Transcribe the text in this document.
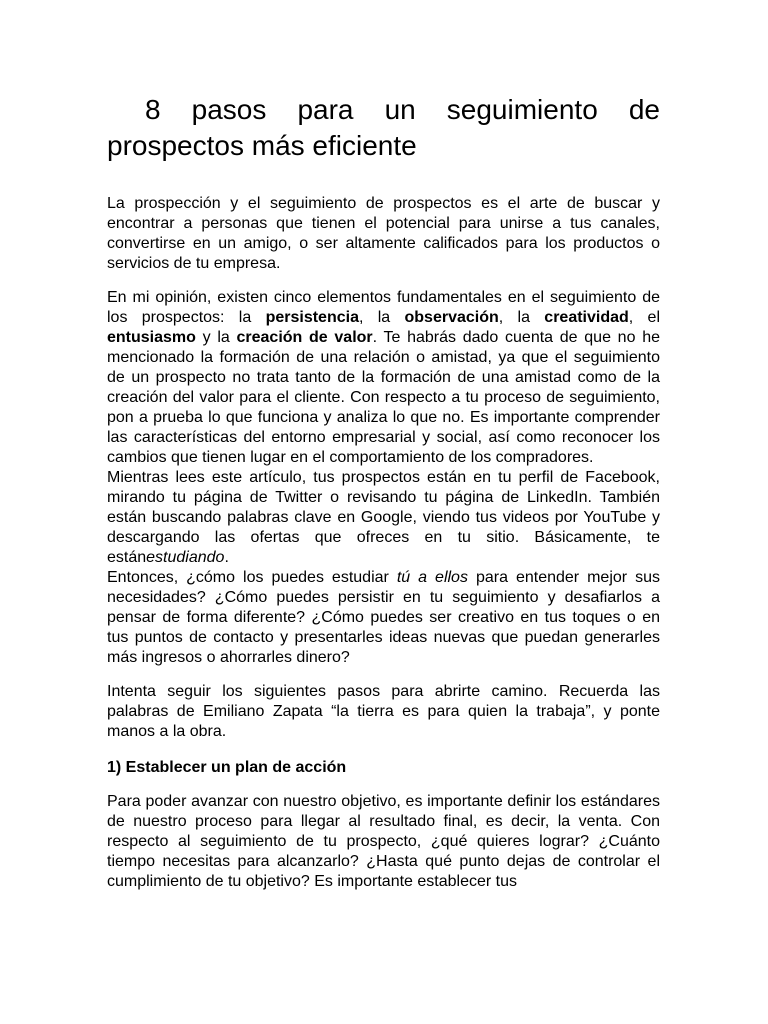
8 pasos para un seguimiento de
prospectos más eficiente

La prospección y el seguimiento de prospectos es el arte de buscar y encontrar a personas que tienen el potencial para unirse a tus canales, convertirse en un amigo, o ser altamente calificados para los productos o servicios de tu empresa.

En mi opinión, existen cinco elementos fundamentales en el seguimiento de los prospectos: la persistencia, la observación, la creatividad, el entusiasmo y la creación de valor. Te habrás dado cuenta de que no he mencionado la formación de una relación o amistad, ya que el seguimiento de un prospecto no trata tanto de la formación de una amistad como de la creación del valor para el cliente. Con respecto a tu proceso de seguimiento, pon a prueba lo que funciona y analiza lo que no. Es importante comprender las características del entorno empresarial y social, así como reconocer los cambios que tienen lugar en el comportamiento de los compradores.

Mientras lees este artículo, tus prospectos están en tu perfil de Facebook, mirando tu página de Twitter o revisando tu página de LinkedIn. También están buscando palabras clave en Google, viendo tus videos por YouTube y descargando las ofertas que ofreces en tu sitio. Básicamente, te estánestudiando.

Entonces, ¿cómo los puedes estudiar tú a ellos para entender mejor sus necesidades? ¿Cómo puedes persistir en tu seguimiento y desafiarlos a pensar de forma diferente? ¿Cómo puedes ser creativo en tus toques o en tus puntos de contacto y presentarles ideas nuevas que puedan generarles más ingresos o ahorrarles dinero?

Intenta seguir los siguientes pasos para abrirte camino. Recuerda las palabras de Emiliano Zapata “la tierra es para quien la trabaja”, y ponte manos a la obra.

1) Establecer un plan de acción

Para poder avanzar con nuestro objetivo, es importante definir los estándares de nuestro proceso para llegar al resultado final, es decir, la venta. Con respecto al seguimiento de tu prospecto, ¿qué quieres lograr? ¿Cuánto tiempo necesitas para alcanzarlo? ¿Hasta qué punto dejas de controlar el cumplimiento de tu objetivo? Es importante establecer tus
